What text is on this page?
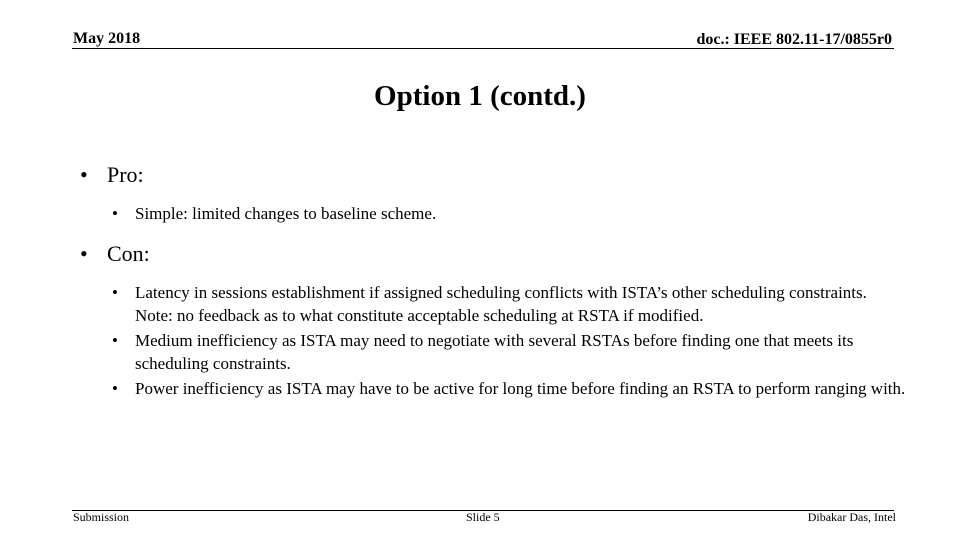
May 2018	doc.: IEEE 802.11-17/0855r0
Option 1 (contd.)
• Pro:
• Simple: limited changes to baseline scheme.
• Con:
• Latency in sessions establishment if assigned scheduling conflicts with ISTA’s other scheduling constraints. Note: no feedback as to what constitute acceptable scheduling at RSTA if modified.
• Medium inefficiency as ISTA may need to negotiate with several RSTAs before finding one that meets its scheduling constraints.
• Power inefficiency as ISTA may have to be active for long time before finding an RSTA to perform ranging with.
Submission	Slide 5	Dibakar Das, Intel
